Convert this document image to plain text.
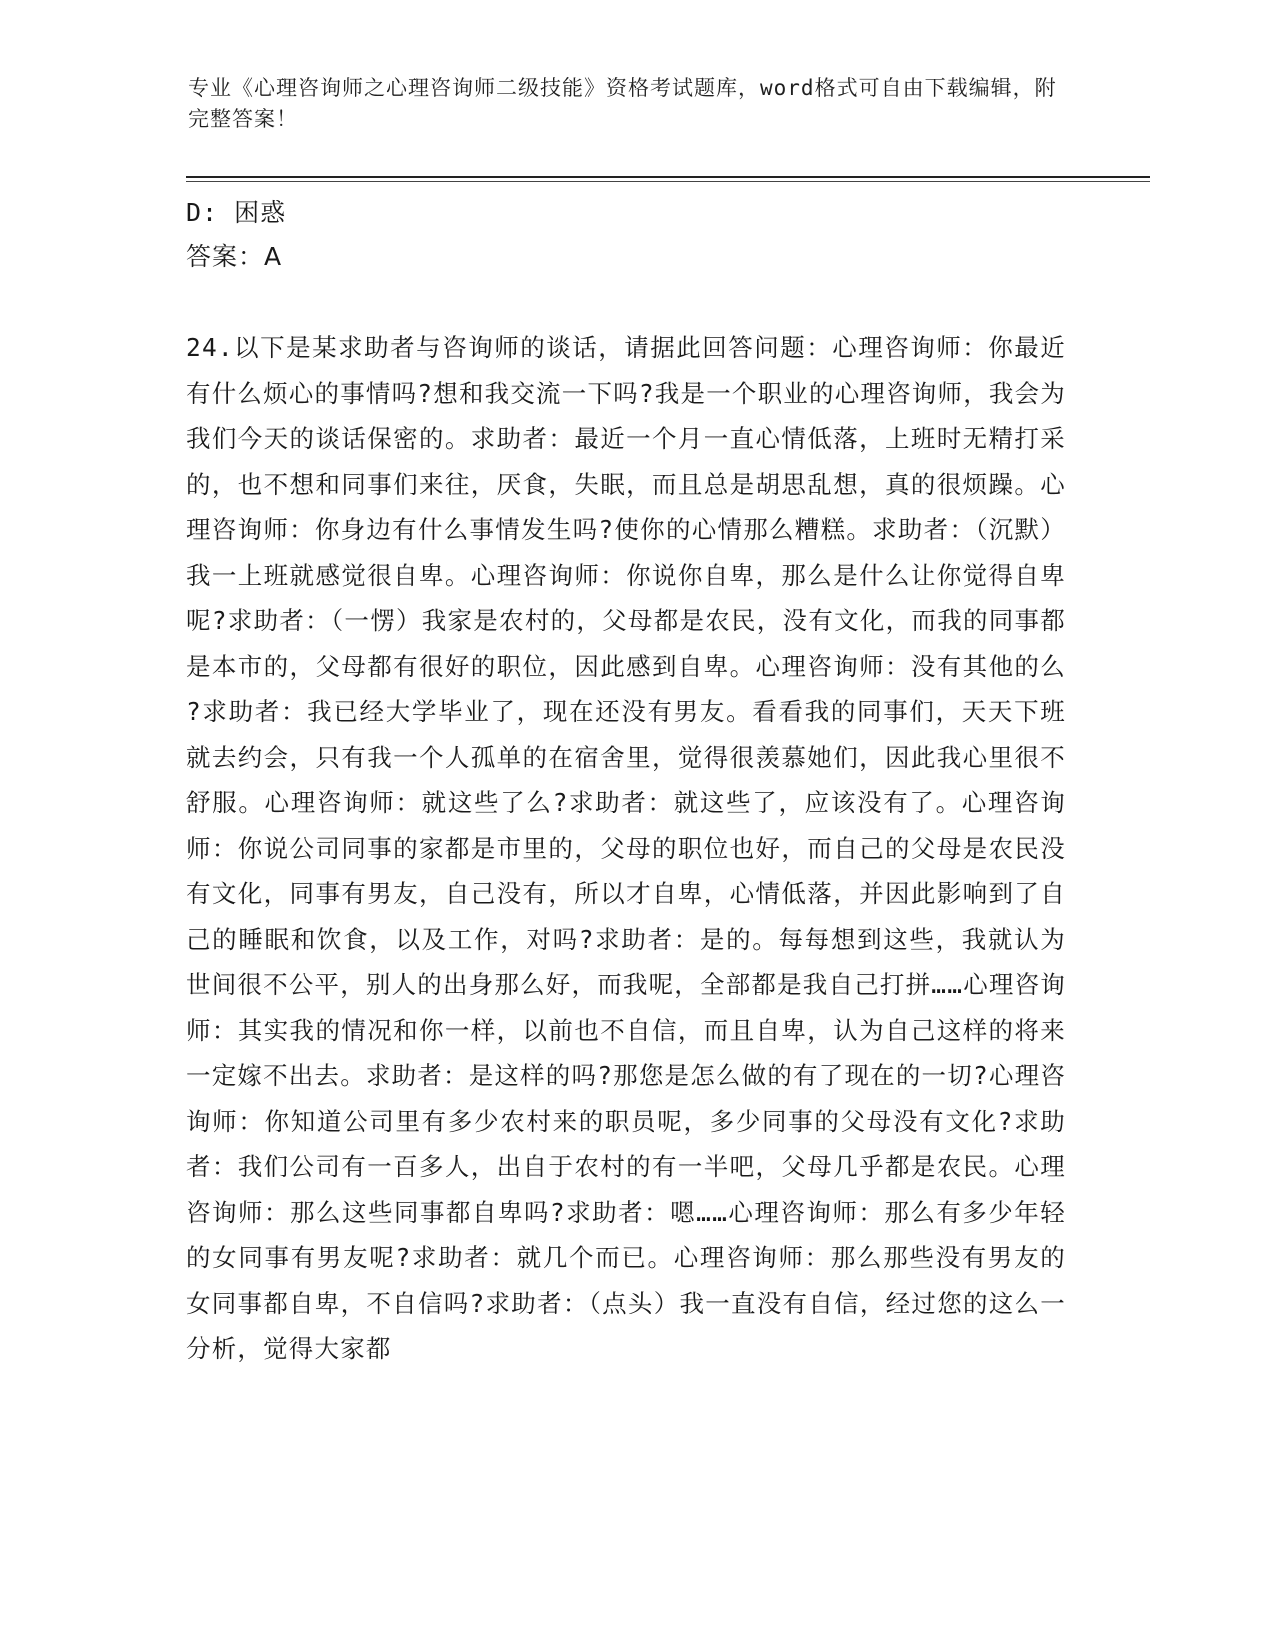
专业《心理咨询师之心理咨询师二级技能》资格考试题库，word格式可自由下载编辑，附完整答案！
D: 困惑
答案：A
24.以下是某求助者与咨询师的谈话，请据此回答问题：心理咨询师：你最近有什么烦心的事情吗?想和我交流一下吗?我是一个职业的心理咨询师，我会为我们今天的谈话保密的。求助者：最近一个月一直心情低落，上班时无精打采的，也不想和同事们来往，厌食，失眠，而且总是胡思乱想，真的很烦躁。心理咨询师：你身边有什么事情发生吗?使你的心情那么糟糕。求助者：（沉默）我一上班就感觉很自卑。心理咨询师：你说你自卑，那么是什么让你觉得自卑呢?求助者：（一愣）我家是农村的，父母都是农民，没有文化，而我的同事都是本市的，父母都有很好的职位，因此感到自卑。心理咨询师：没有其他的么?求助者：我已经大学毕业了，现在还没有男友。看看我的同事们，天天下班就去约会，只有我一个人孤单的在宿舍里，觉得很羡慕她们，因此我心里很不舒服。心理咨询师：就这些了么?求助者：就这些了，应该没有了。心理咨询师：你说公司同事的家都是市里的，父母的职位也好，而自己的父母是农民没有文化，同事有男友，自己没有，所以才自卑，心情低落，并因此影响到了自己的睡眠和饮食，以及工作，对吗?求助者：是的。每每想到这些，我就认为世间很不公平，别人的出身那么好，而我呢，全部都是我自己打拼……心理咨询师：其实我的情况和你一样，以前也不自信，而且自卑，认为自己这样的将来一定嫁不出去。求助者：是这样的吗?那您是怎么做的有了现在的一切?心理咨询师：你知道公司里有多少农村来的职员呢，多少同事的父母没有文化?求助者：我们公司有一百多人，出自于农村的有一半吧，父母几乎都是农民。心理咨询师：那么这些同事都自卑吗?求助者：嗯……心理咨询师：那么有多少年轻的女同事有男友呢?求助者：就几个而已。心理咨询师：那么那些没有男友的女同事都自卑，不自信吗?求助者：（点头）我一直没有自信，经过您的这么一分析，觉得大家都
